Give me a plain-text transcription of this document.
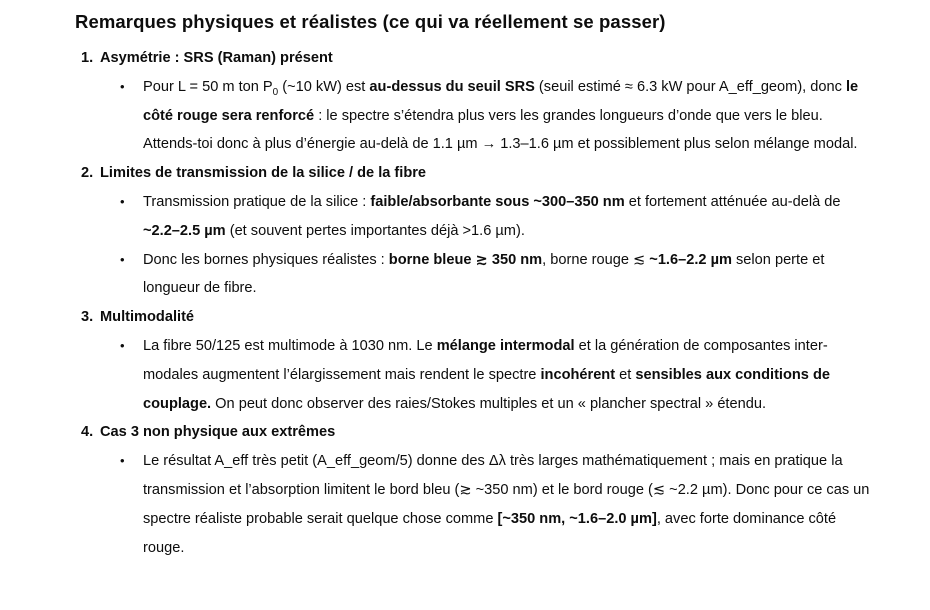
Remarques physiques et réalistes (ce qui va réellement se passer)
1. Asymétrie : SRS (Raman) présent
•	Pour L = 50 m ton $P_0$ (~10 kW) est au-dessus du seuil SRS (seuil estimé ≈ 6.3 kW pour A_eff_geom), donc le côté rouge sera renforcé : le spectre s’étendra plus vers les grandes longueurs d’onde que vers le bleu. Attends-toi donc à plus d’énergie au-delà de 1.1 µm → 1.3–1.6 µm et possiblement plus selon mélange modal.

2. Limites de transmission de la silice / de la fibre
•	Transmission pratique de la silice : faible/absorbante sous ~300–350 nm et fortement atténuée au-delà de ~2.2–2.5 µm (et souvent pertes importantes déjà >1.6 µm).

•	Donc les bornes physiques réalistes : borne bleue ≳ 350 nm, borne rouge ≲ ~1.6–2.2 µm selon perte et longueur de fibre.

3. Multimodalité
•	La fibre 50/125 est multimode à 1030 nm. Le mélange intermodal et la génération de composantes inter-modales augmentent l’élargissement mais rendent le spectre incohérent et sensibles aux conditions de couplage. On peut donc observer des raies/Stokes multiples et un « plancher spectral » étendu.

4. Cas 3 non physique aux extrêmes
•	Le résultat A_eff très petit (A_eff_geom/5) donne des Δλ très larges mathématiquement ; mais en pratique la transmission et l’absorption limitent le bord bleu (≳ ~350 nm) et le bord rouge (≲ ~2.2 µm). Donc pour ce cas un spectre réaliste probable serait quelque chose comme [~350 nm, ~1.6–2.0 µm], avec forte dominance côté rouge.
